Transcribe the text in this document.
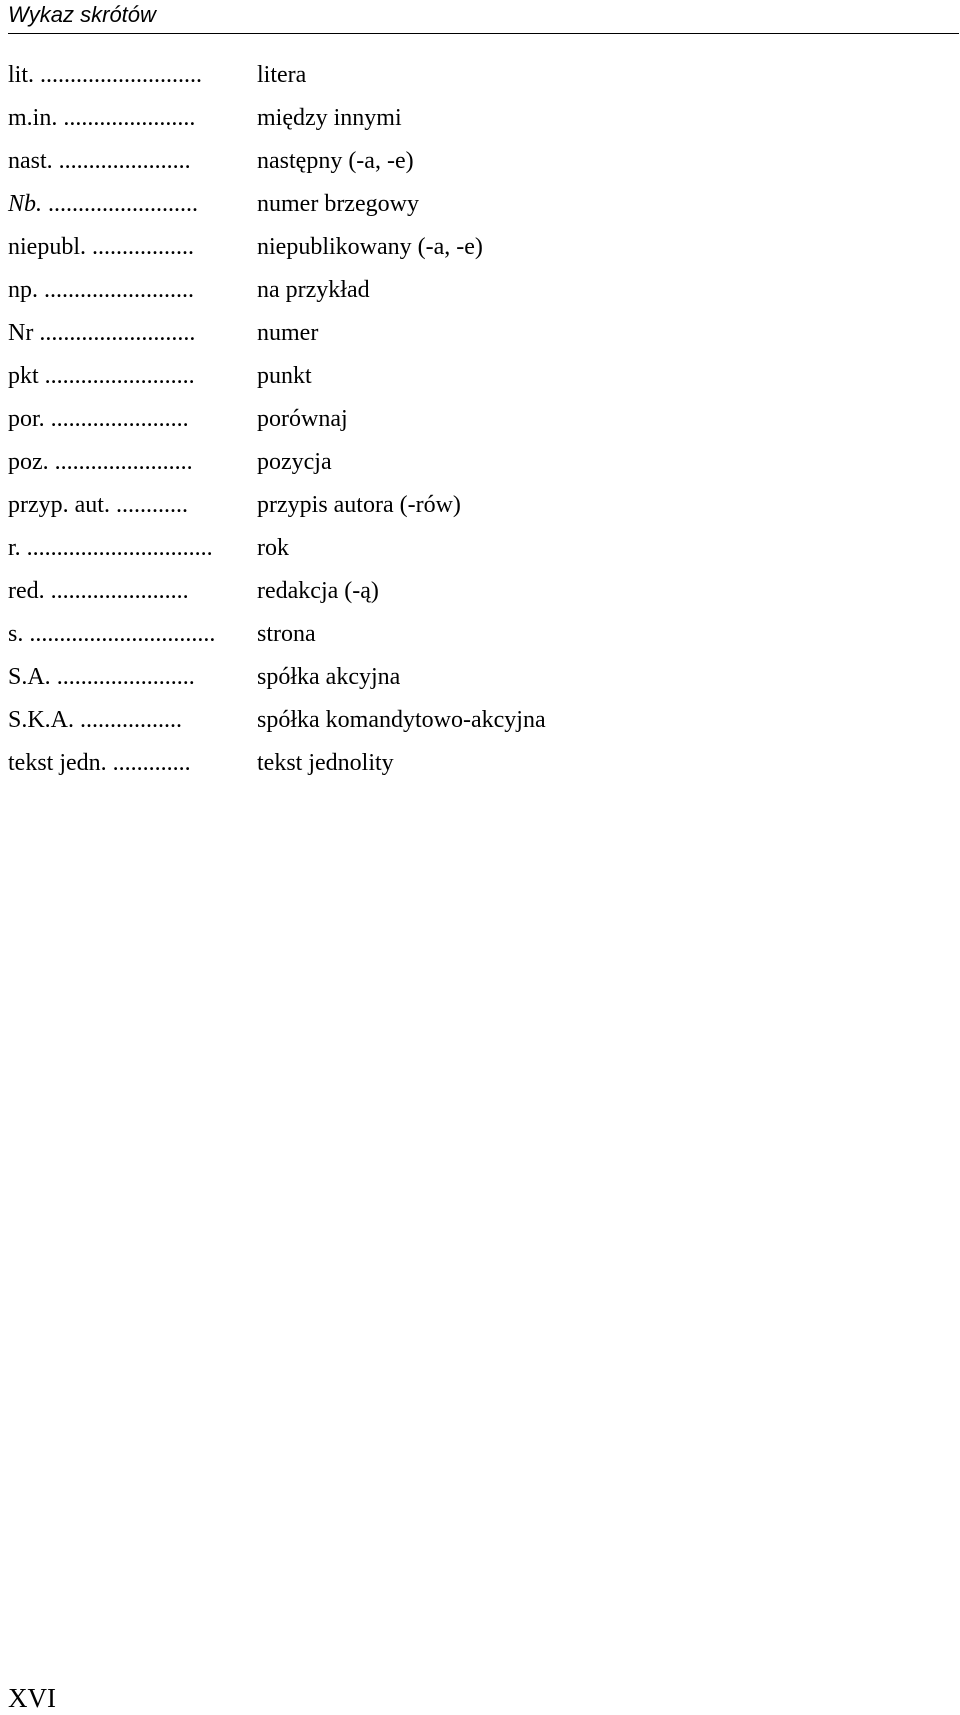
Wykaz skrótów
lit. ........................... litera
m.in. ......................	między innymi
nast. ......................	następny (-a, -e)
Nb. ......................... numer brzegowy
niepubl. .................	niepublikowany (-a, -e)
np. .........................	na przykład
Nr ..........................	numer
pkt .........................	punkt
por. .......................	porównaj
poz. .......................	pozycja
przyp. aut. ............	przypis autora (-rów)
r. ............................... rok
red. .......................	redakcja (-ą)
s. ............................... strona
S.A. .......................	spółka akcyjna
S.K.A. .................	spółka komandytowo-akcyjna
tekst jedn. .............	tekst jednolity
XVI
